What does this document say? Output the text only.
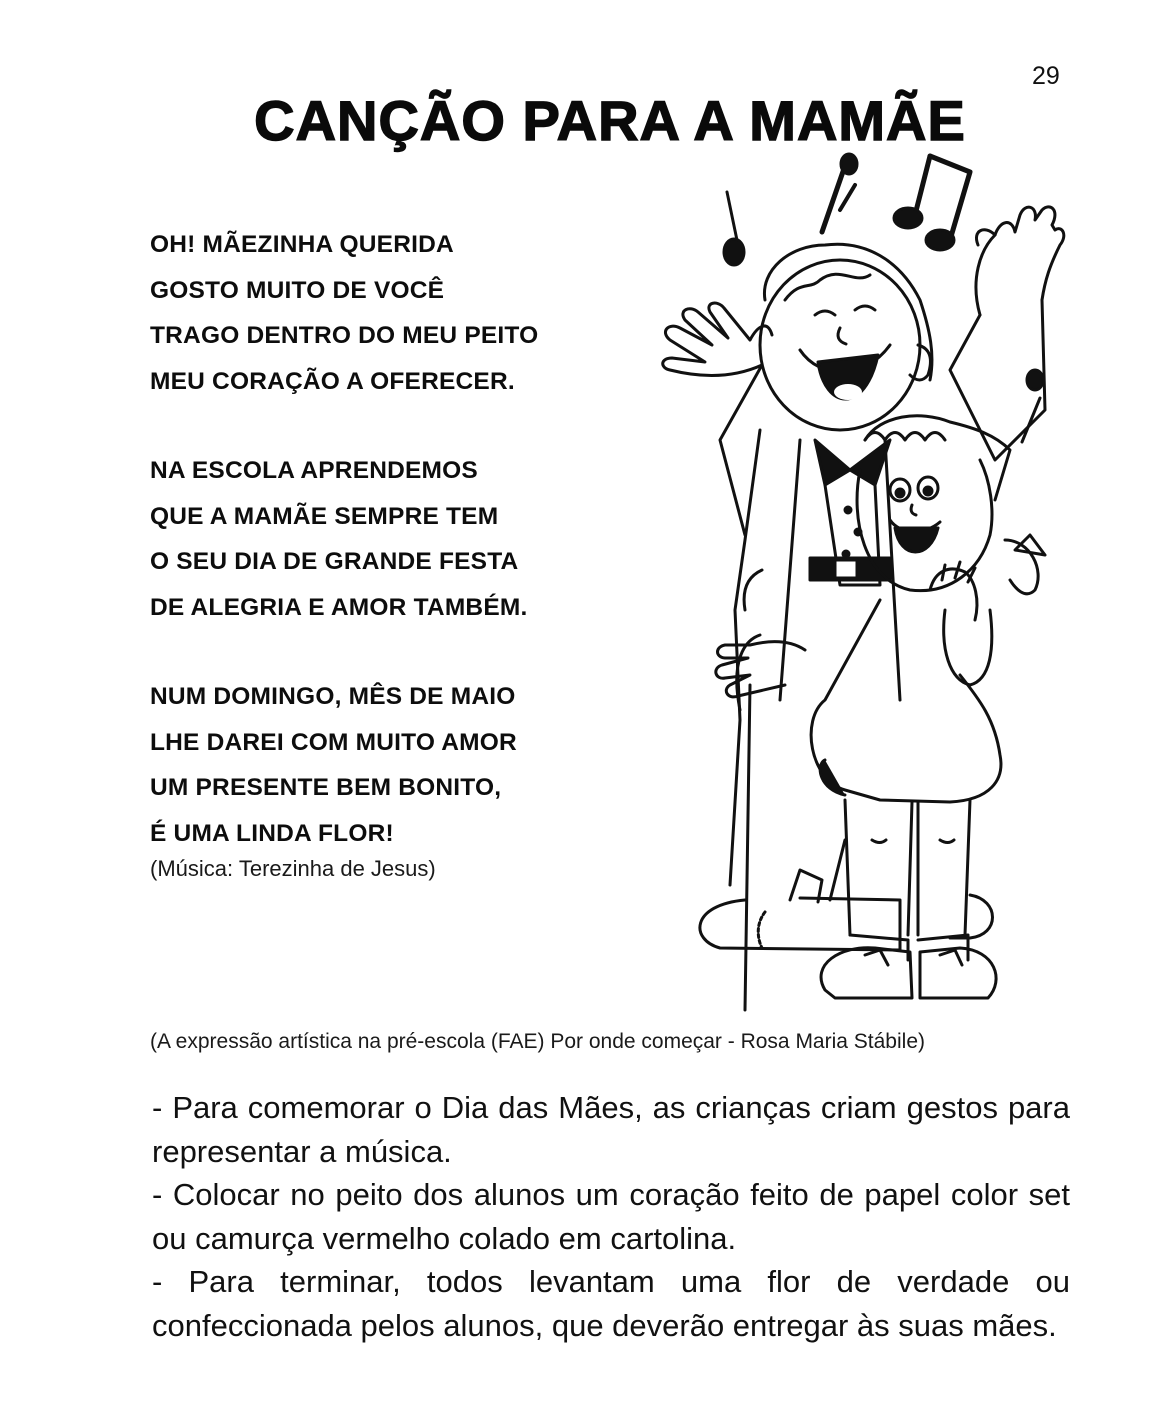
29
CANÇÃO PARA A MAMÃE
OH! MÃEZINHA QUERIDA
GOSTO MUITO DE VOCÊ
TRAGO DENTRO DO MEU PEITO
MEU CORAÇÃO A OFERECER.
NA ESCOLA APRENDEMOS
QUE A MAMÃE SEMPRE TEM
O SEU DIA DE GRANDE FESTA
DE ALEGRIA E AMOR TAMBÉM.
NUM DOMINGO, MÊS DE MAIO
LHE DAREI COM MUITO AMOR
UM PRESENTE BEM BONITO,
É UMA LINDA FLOR!
(Música: Terezinha de Jesus)
(A expressão artística na pré-escola (FAE) Por onde começar - Rosa Maria Stábile)

- Para comemorar o Dia das Mães, as crianças criam gestos para representar a música.

- Colocar no peito dos alunos um coração feito de papel color set ou camurça vermelho colado em cartolina.

- Para terminar, todos levantam uma flor de verdade ou confeccionada pelos alunos, que deverão entregar às suas mães.
